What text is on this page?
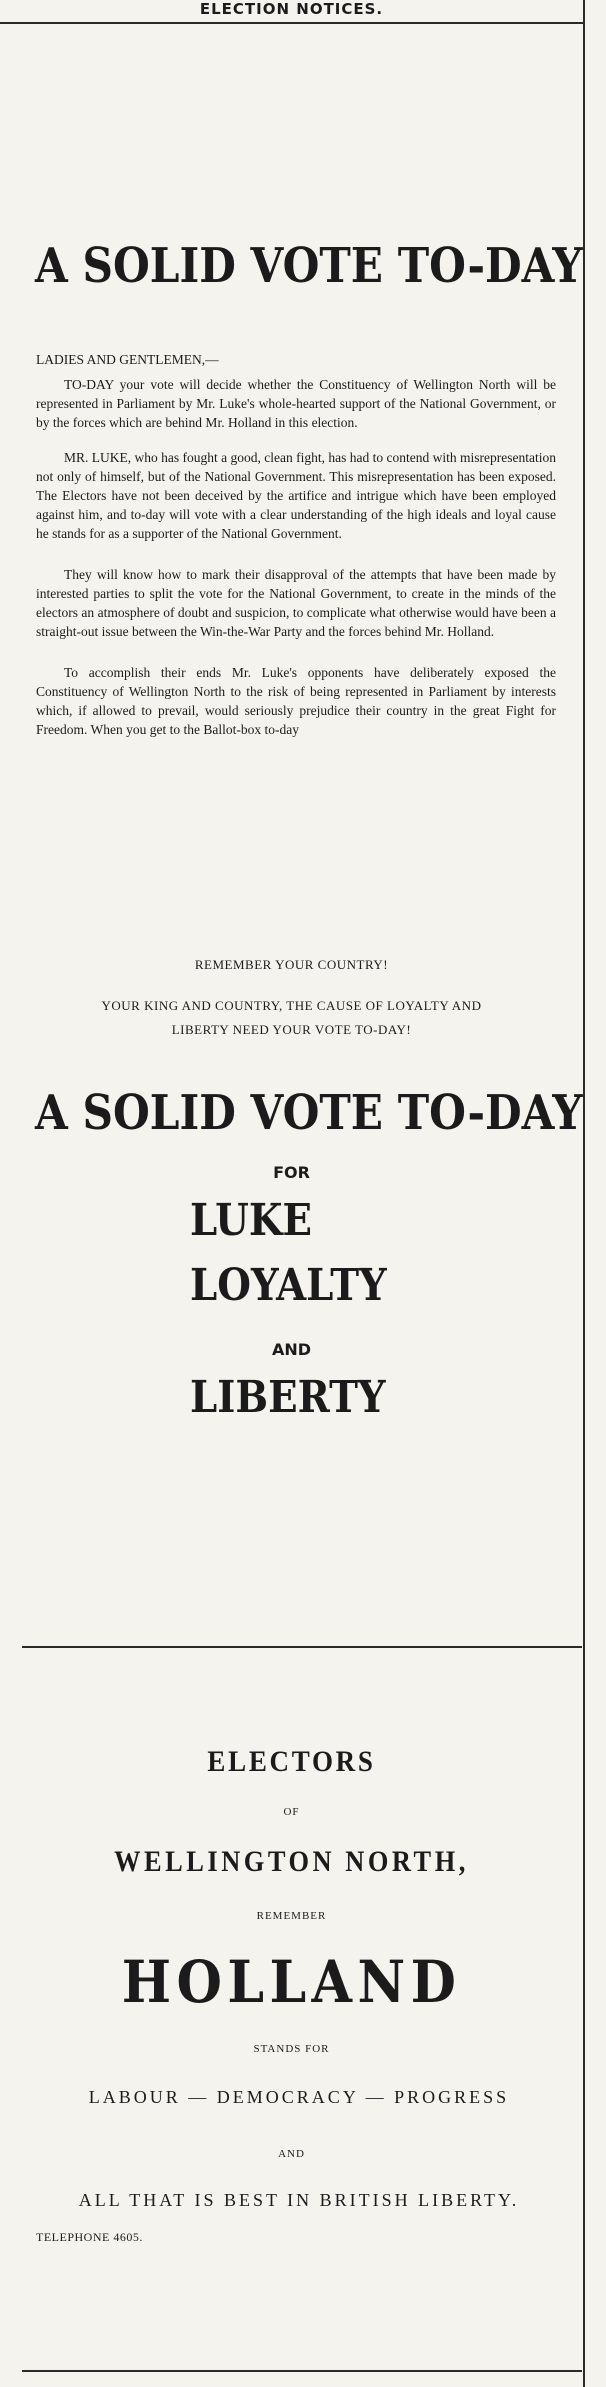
ELECTION NOTICES.
A SOLID VOTE TO-DAY
LADIES AND GENTLEMEN,—

TO-DAY your vote will decide whether the Constituency of Wellington North will be represented in Parliament by Mr. Luke's whole-hearted support of the National Government, or by the forces which are behind Mr. Holland in this election.

MR. LUKE, who has fought a good, clean fight, has had to contend with misrepresentation not only of himself, but of the National Government. This misrepresentation has been exposed. The Electors have not been deceived by the artifice and intrigue which have been employed against him, and to-day will vote with a clear understanding of the high ideals and loyal cause he stands for as a supporter of the National Government.

They will know how to mark their disapproval of the attempts that have been made by interested parties to split the vote for the National Government, to create in the minds of the electors an atmosphere of doubt and suspicion, to complicate what otherwise would have been a straight-out issue between the Win-the-War Party and the forces behind Mr. Holland.

To accomplish their ends Mr. Luke's opponents have deliberately exposed the Constituency of Wellington North to the risk of being represented in Parliament by interests which, if allowed to prevail, would seriously prejudice their country in the great Fight for Freedom. When you get to the Ballot-box to-day

REMEMBER YOUR COUNTRY!
YOUR KING AND COUNTRY, THE CAUSE OF LOYALTY AND
LIBERTY NEED YOUR VOTE TO-DAY!
A SOLID VOTE TO-DAY
FOR
LUKE
LOYALTY
AND
LIBERTY
ELECTORS
OF
WELLINGTON NORTH,
REMEMBER
HOLLAND
STANDS FOR
LABOUR — DEMOCRACY — PROGRESS
AND
ALL THAT IS BEST IN BRITISH LIBERTY.
TELEPHONE 4605.
